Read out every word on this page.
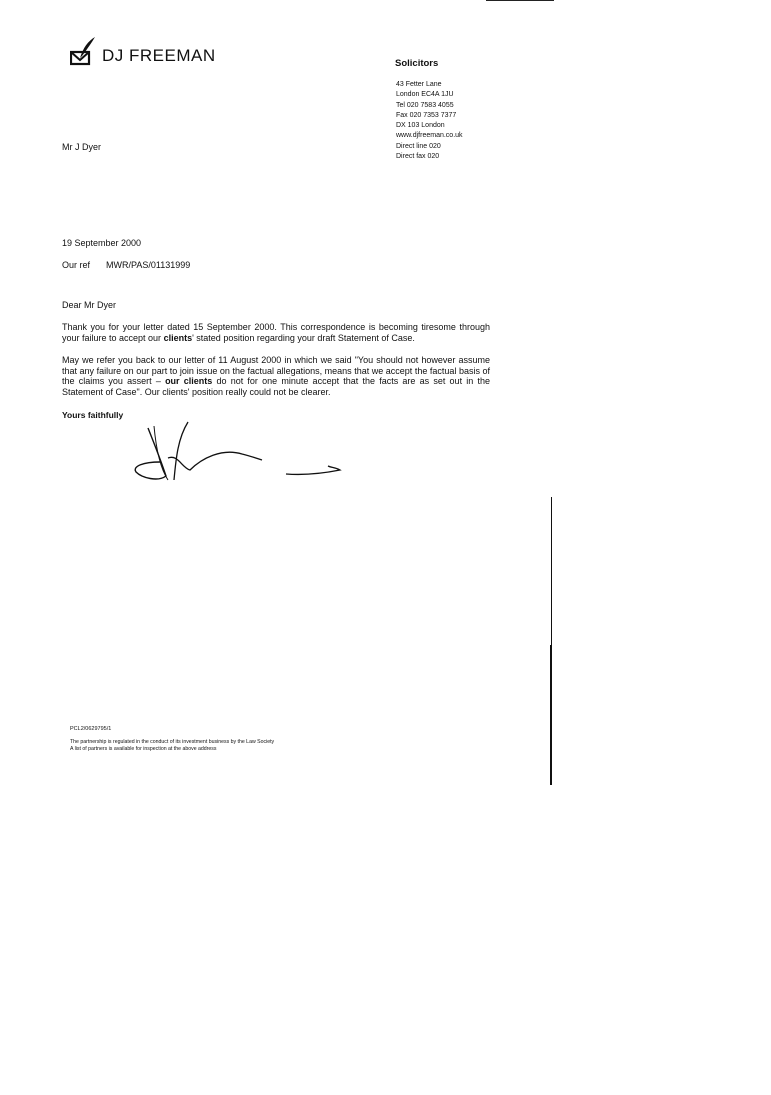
DJ FREEMAN	Solicitors
43 Fetter Lane
London EC4A 1JU
Tel 020 7583 4055
Fax 020 7353 7377
DX 103 London
www.djfreeman.co.uk
Direct line 020
Direct fax 020
Mr J Dyer
19 September 2000
Our ref MWR/PAS/01131999
Dear Mr Dyer
Thank you for your letter dated 15 September 2000. This correspondence is becoming tiresome through your failure to accept our clients' stated position regarding your draft Statement of Case.
May we refer you back to our letter of 11 August 2000 in which we said "You should not however assume that any failure on our part to join issue on the factual allegations, means that we accept the factual basis of the claims you assert – our clients do not for one minute accept that the facts are as set out in the Statement of Case". Our clients' position really could not be clearer.
Yours faithfully
PCL2/0629795/1
The partnership is regulated in the conduct of its investment business by the Law Society
A list of partners is available for inspection at the above address
